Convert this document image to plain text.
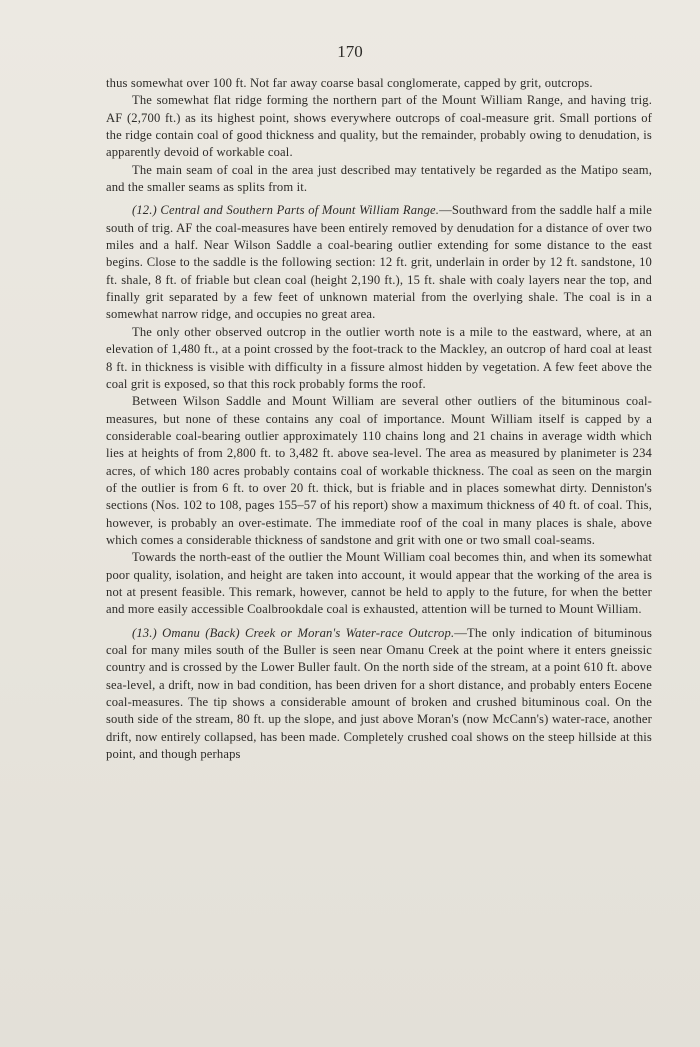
170

thus somewhat over 100 ft. Not far away coarse basal conglomerate, capped by grit, outcrops.

The somewhat flat ridge forming the northern part of the Mount William Range, and having trig. AF (2,700 ft.) as its highest point, shows everywhere outcrops of coal-measure grit. Small portions of the ridge contain coal of good thickness and quality, but the remainder, probably owing to denudation, is apparently devoid of workable coal.

The main seam of coal in the area just described may tentatively be regarded as the Matipo seam, and the smaller seams as splits from it.

(12.) Central and Southern Parts of Mount William Range.—Southward from the saddle half a mile south of trig. AF the coal-measures have been entirely removed by denudation for a distance of over two miles and a half. Near Wilson Saddle a coal-bearing outlier extending for some distance to the east begins. Close to the saddle is the following section: 12 ft. grit, underlain in order by 12 ft. sandstone, 10 ft. shale, 8 ft. of friable but clean coal (height 2,190 ft.), 15 ft. shale with coaly layers near the top, and finally grit separated by a few feet of unknown material from the overlying shale. The coal is in a somewhat narrow ridge, and occupies no great area.

The only other observed outcrop in the outlier worth note is a mile to the eastward, where, at an elevation of 1,480 ft., at a point crossed by the foot-track to the Mackley, an outcrop of hard coal at least 8 ft. in thickness is visible with difficulty in a fissure almost hidden by vegetation. A few feet above the coal grit is exposed, so that this rock probably forms the roof.

Between Wilson Saddle and Mount William are several other outliers of the bituminous coal-measures, but none of these contains any coal of importance. Mount William itself is capped by a considerable coal-bearing outlier approximately 110 chains long and 21 chains in average width which lies at heights of from 2,800 ft. to 3,482 ft. above sea-level. The area as measured by planimeter is 234 acres, of which 180 acres probably contains coal of workable thickness. The coal as seen on the margin of the outlier is from 6 ft. to over 20 ft. thick, but is friable and in places somewhat dirty. Denniston's sections (Nos. 102 to 108, pages 155–57 of his report) show a maximum thickness of 40 ft. of coal. This, however, is probably an over-estimate. The immediate roof of the coal in many places is shale, above which comes a considerable thickness of sandstone and grit with one or two small coal-seams.

Towards the north-east of the outlier the Mount William coal becomes thin, and when its somewhat poor quality, isolation, and height are taken into account, it would appear that the working of the area is not at present feasible. This remark, however, cannot be held to apply to the future, for when the better and more easily accessible Coalbrookdale coal is exhausted, attention will be turned to Mount William.

(13.) Omanu (Back) Creek or Moran's Water-race Outcrop.—The only indication of bituminous coal for many miles south of the Buller is seen near Omanu Creek at the point where it enters gneissic country and is crossed by the Lower Buller fault. On the north side of the stream, at a point 610 ft. above sea-level, a drift, now in bad condition, has been driven for a short distance, and probably enters Eocene coal-measures. The tip shows a considerable amount of broken and crushed bituminous coal. On the south side of the stream, 80 ft. up the slope, and just above Moran's (now McCann's) water-race, another drift, now entirely collapsed, has been made. Completely crushed coal shows on the steep hillside at this point, and though perhaps
